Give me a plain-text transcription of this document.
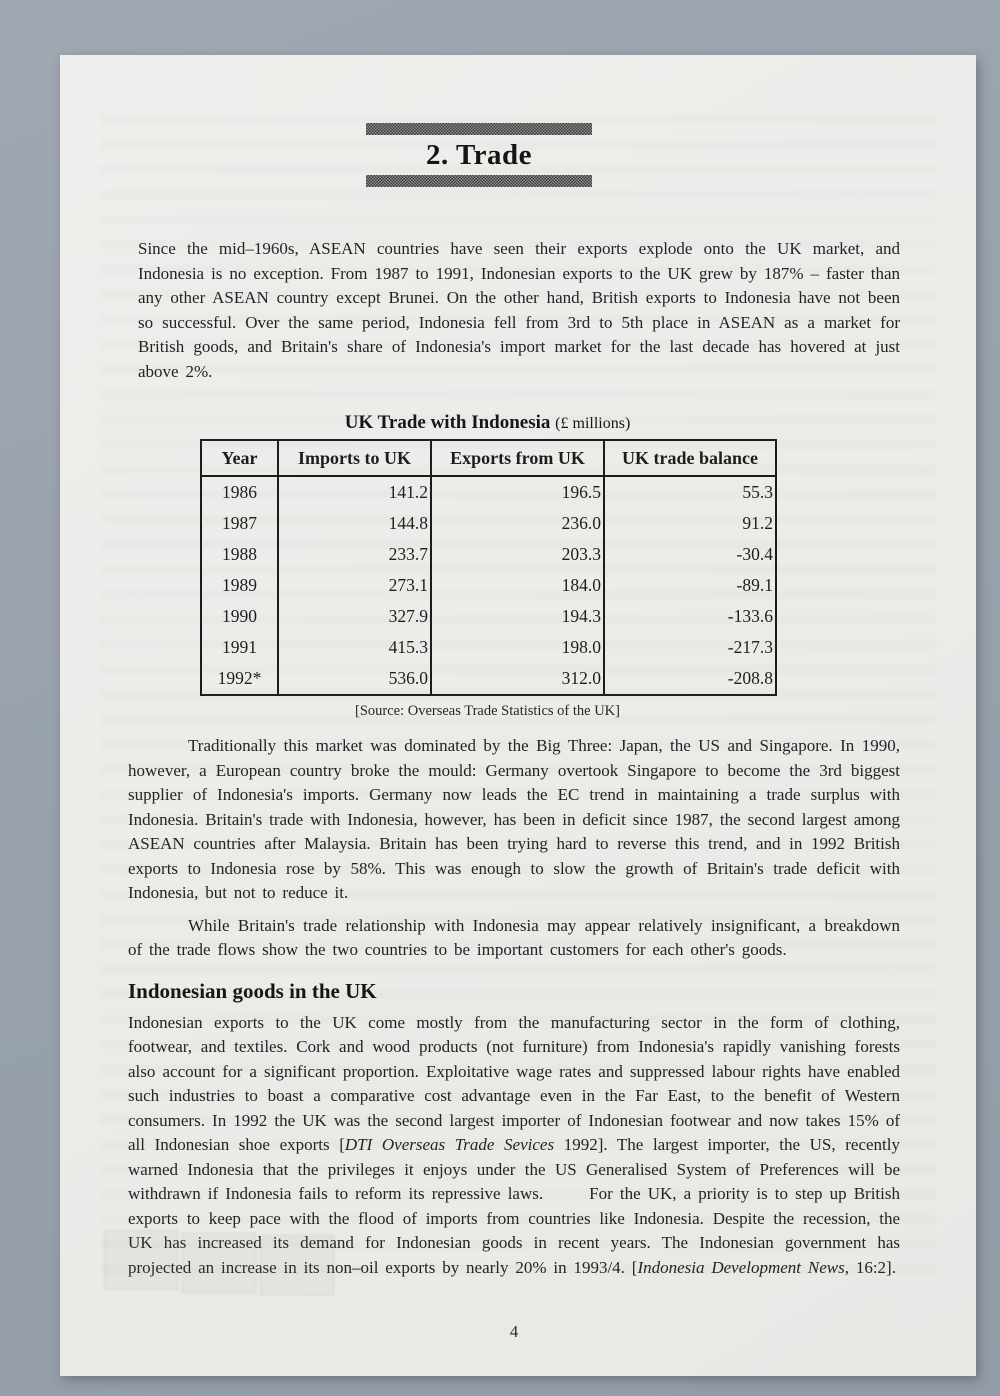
2. Trade

Since the mid–1960s, ASEAN countries have seen their exports explode onto the UK market, and Indonesia is no exception. From 1987 to 1991, Indonesian exports to the UK grew by 187% – faster than any other ASEAN country except Brunei. On the other hand, British exports to Indonesia have not been so successful. Over the same period, Indonesia fell from 3rd to 5th place in ASEAN as a market for British goods, and Britain's share of Indonesia's import market for the last decade has hovered at just above 2%.

UK Trade with Indonesia (£ millions)
Year	Imports to UK	Exports from UK	UK trade balance
1986	141.2	196.5	55.3
1987	144.8	236.0	91.2
1988	233.7	203.3	-30.4
1989	273.1	184.0	-89.1
1990	327.9	194.3	-133.6
1991	415.3	198.0	-217.3
1992*	536.0	312.0	-208.8
[Source: Overseas Trade Statistics of the UK]

Traditionally this market was dominated by the Big Three: Japan, the US and Singapore. In 1990, however, a European country broke the mould: Germany overtook Singapore to become the 3rd biggest supplier of Indonesia's imports. Germany now leads the EC trend in maintaining a trade surplus with Indonesia. Britain's trade with Indonesia, however, has been in deficit since 1987, the second largest among ASEAN countries after Malaysia. Britain has been trying hard to reverse this trend, and in 1992 British exports to Indonesia rose by 58%. This was enough to slow the growth of Britain's trade deficit with Indonesia, but not to reduce it.

While Britain's trade relationship with Indonesia may appear relatively insignificant, a breakdown of the trade flows show the two countries to be important customers for each other's goods.

Indonesian goods in the UK

Indonesian exports to the UK come mostly from the manufacturing sector in the form of clothing, footwear, and textiles. Cork and wood products (not furniture) from Indonesia's rapidly vanishing forests also account for a significant proportion. Exploitative wage rates and suppressed labour rights have enabled such industries to boast a comparative cost advantage even in the Far East, to the benefit of Western consumers. In 1992 the UK was the second largest importer of Indonesian footwear and now takes 15% of all Indonesian shoe exports [DTI Overseas Trade Sevices 1992]. The largest importer, the US, recently warned Indonesia that the privileges it enjoys under the US Generalised System of Preferences will be withdrawn if Indonesia fails to reform its repressive laws.	For the UK, a priority is to step up British exports to keep pace with the flood of imports from countries like Indonesia. Despite the recession, the UK has increased its demand for Indonesian goods in recent years. The Indonesian government has projected an increase in its non–oil exports by nearly 20% in 1993/4. [Indonesia Development News, 16:2].

4
